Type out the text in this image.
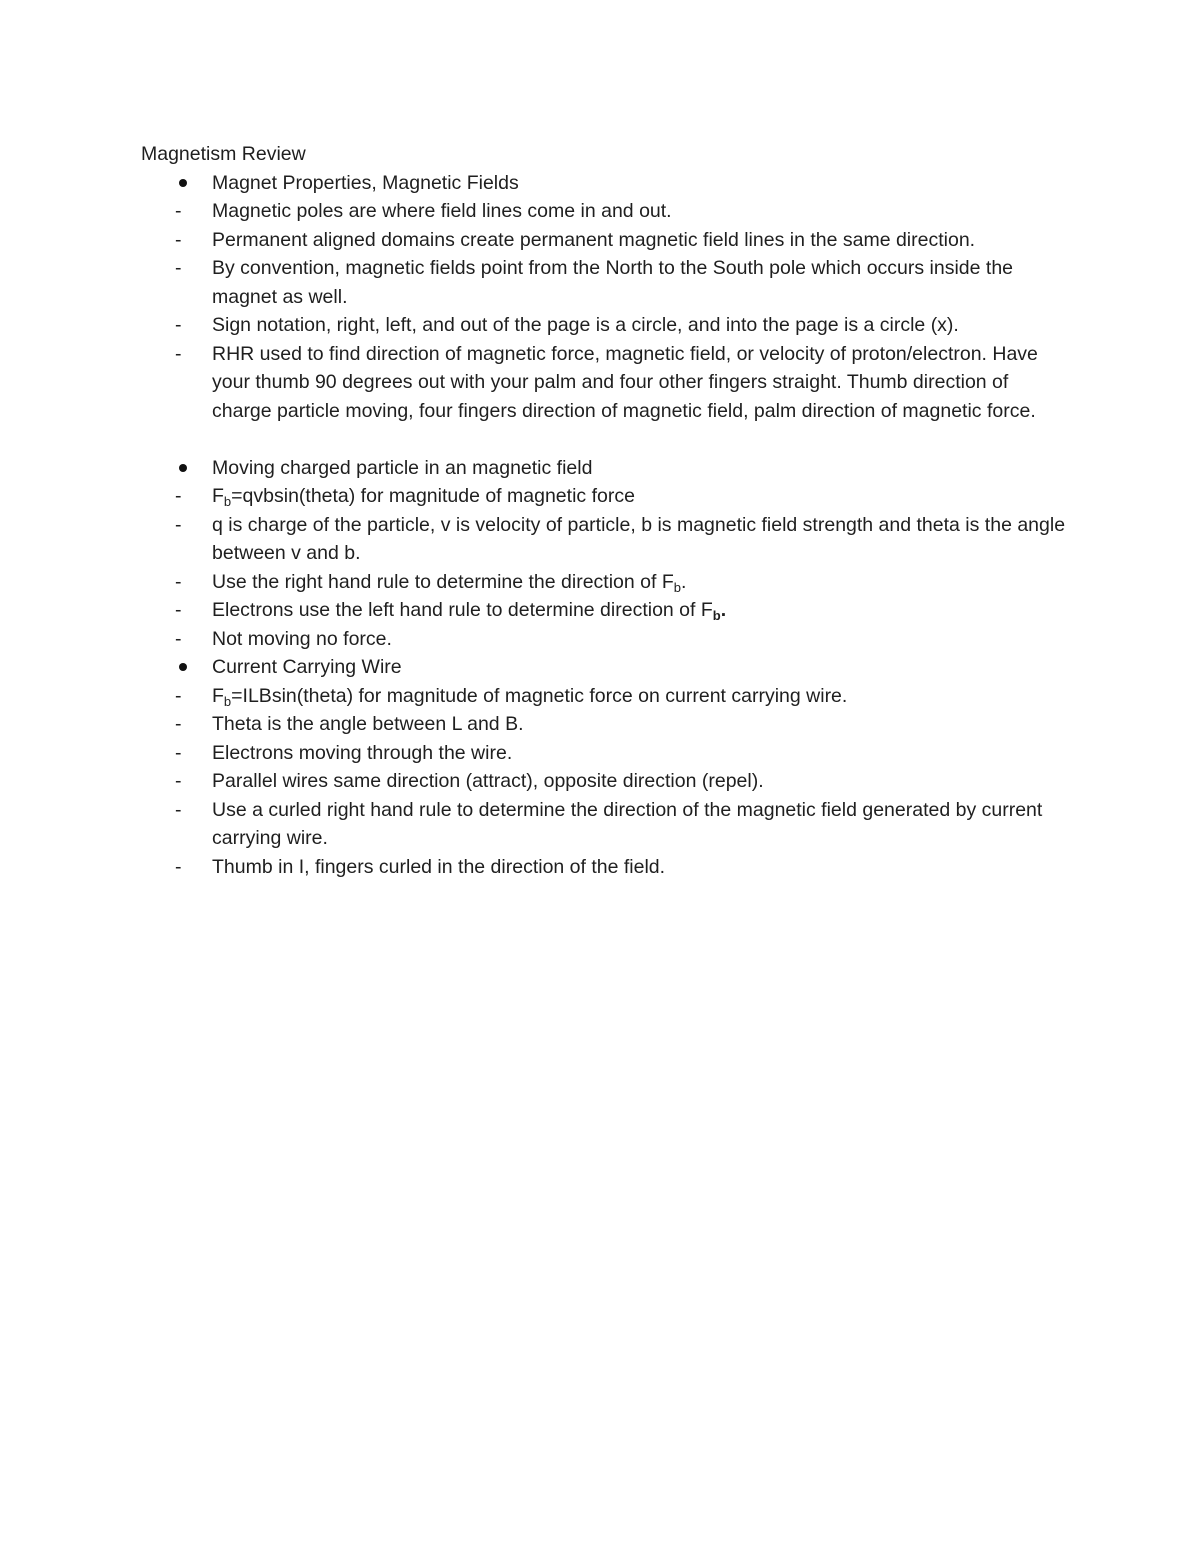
Magnetism Review
Magnet Properties, Magnetic Fields
-	Magnetic poles are where field lines come in and out.
-	Permanent aligned domains create permanent magnetic field lines in the same direction.
-	By convention, magnetic fields point from the North to the South pole which occurs inside the magnet as well.
-	Sign notation, right, left, and out of the page is a circle, and into the page is a circle (x).
-	RHR used to find direction of magnetic force, magnetic field, or velocity of proton/electron. Have your thumb 90 degrees out with your palm and four other fingers straight. Thumb direction of charge particle moving, four fingers direction of magnetic field, palm direction of magnetic force.
Moving charged particle in an magnetic field
-	$F_b=qvbsin(theta)$ for magnitude of magnetic force
-	q is charge of the particle, v is velocity of particle, b is magnetic field strength and theta is the angle between v and b.
-	Use the right hand rule to determine the direction of $F_b$.
-	Electrons use the left hand rule to determine direction of $F_b$.
-	Not moving no force.
Current Carrying Wire
-	$F_b=ILBsin(theta)$ for magnitude of magnetic force on current carrying wire.
-	Theta is the angle between L and B.
-	Electrons moving through the wire.
-	Parallel wires same direction (attract), opposite direction (repel).
-	Use a curled right hand rule to determine the direction of the magnetic field generated by current carrying wire.
-	Thumb in I, fingers curled in the direction of the field.
